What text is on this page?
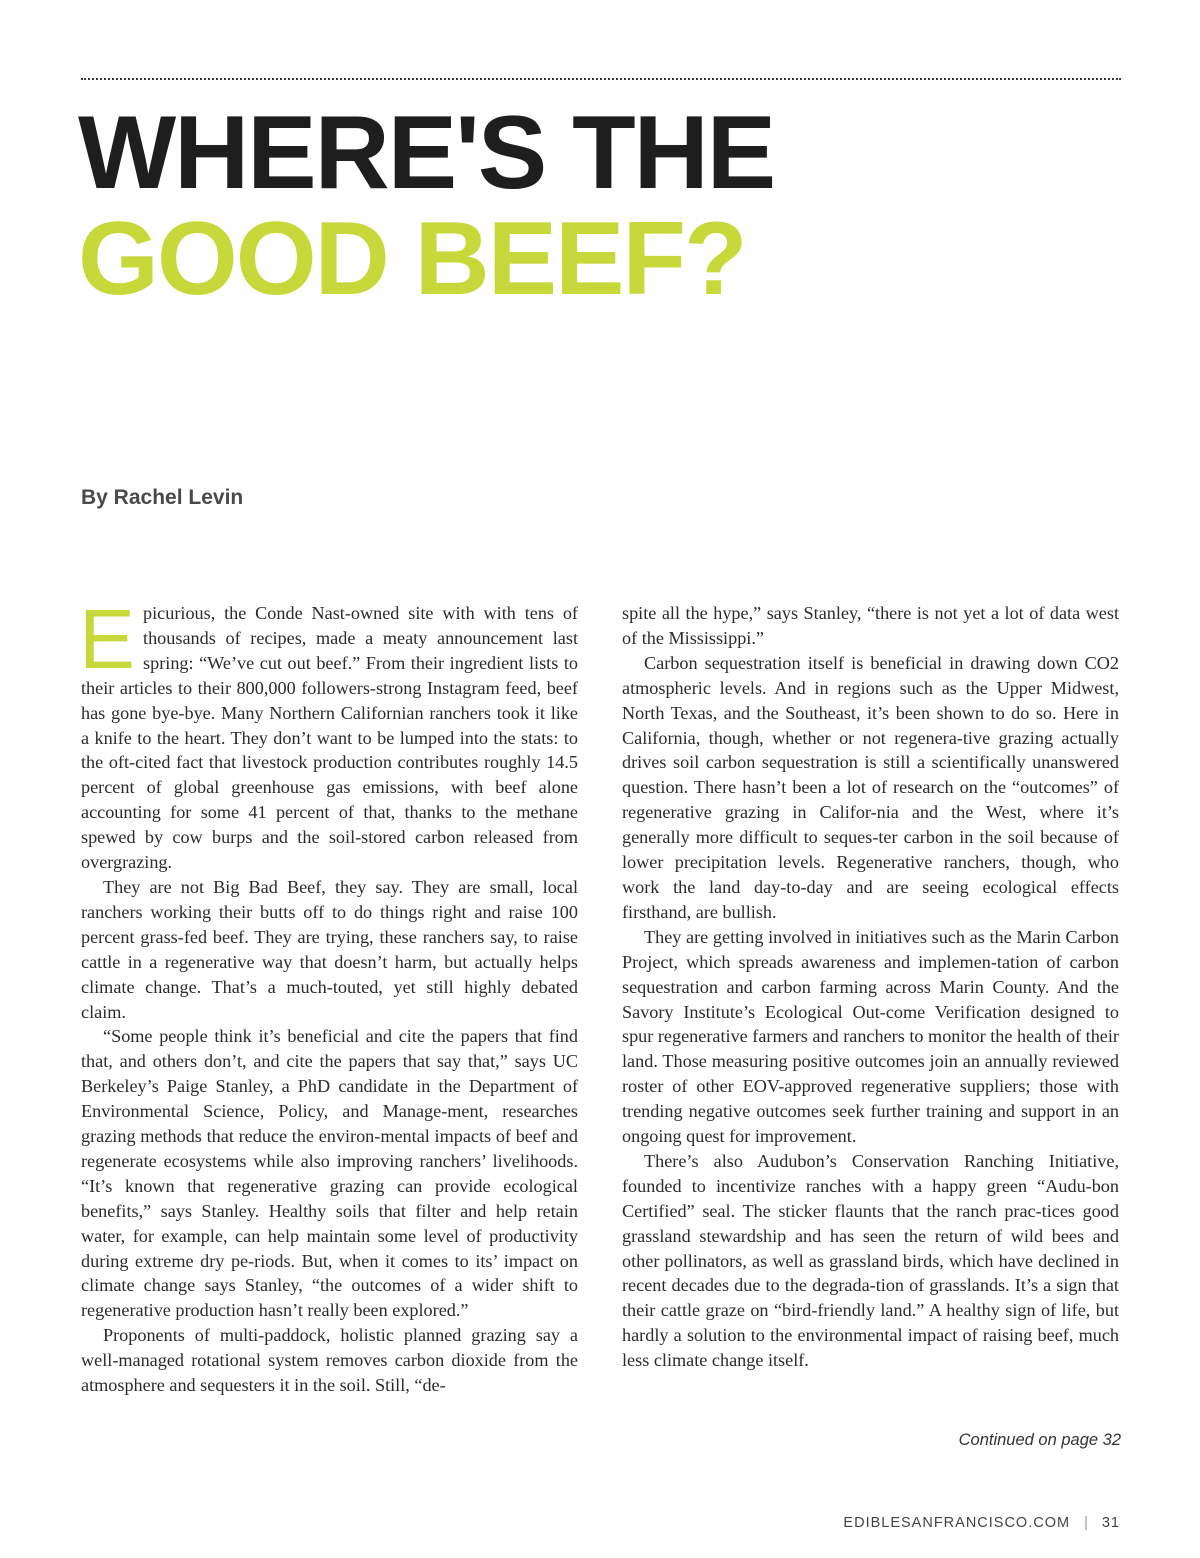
WHERE'S THE
GOOD BEEF?

By Rachel Levin

Epicurious, the Conde Nast-owned site with with tens of thousands of recipes, made a meaty announcement last spring: “We’ve cut out beef.” From their ingredient lists to their articles to their 800,000 followers-strong Instagram feed, beef has gone bye-bye. Many Northern Californian ranchers took it like a knife to the heart. They don’t want to be lumped into the stats: to the oft-cited fact that livestock production contributes roughly 14.5 percent of global greenhouse gas emissions, with beef alone accounting for some 41 percent of that, thanks to the methane spewed by cow burps and the soil-stored carbon released from overgrazing.

They are not Big Bad Beef, they say. They are small, local ranchers working their butts off to do things right and raise 100 percent grass-fed beef. They are trying, these ranchers say, to raise cattle in a regenerative way that doesn’t harm, but actually helps climate change. That’s a much-touted, yet still highly debated claim.

“Some people think it’s beneficial and cite the papers that find that, and others don’t, and cite the papers that say that,” says UC Berkeley’s Paige Stanley, a PhD candidate in the Department of Environmental Science, Policy, and Manage-ment, researches grazing methods that reduce the environ-mental impacts of beef and regenerate ecosystems while also improving ranchers’ livelihoods. “It’s known that regenerative grazing can provide ecological benefits,” says Stanley. Healthy soils that filter and help retain water, for example, can help maintain some level of productivity during extreme dry pe-riods. But, when it comes to its’ impact on climate change says Stanley, “the outcomes of a wider shift to regenerative production hasn’t really been explored.”

Proponents of multi-paddock, holistic planned grazing say a well-managed rotational system removes carbon dioxide from the atmosphere and sequesters it in the soil. Still, “de-

spite all the hype,” says Stanley, “there is not yet a lot of data west of the Mississippi.”

Carbon sequestration itself is beneficial in drawing down CO2 atmospheric levels. And in regions such as the Upper Midwest, North Texas, and the Southeast, it’s been shown to do so. Here in California, though, whether or not regenera-tive grazing actually drives soil carbon sequestration is still a scientifically unanswered question. There hasn’t been a lot of research on the “outcomes” of regenerative grazing in Califor-nia and the West, where it’s generally more difficult to seques-ter carbon in the soil because of lower precipitation levels. Regenerative ranchers, though, who work the land day-to-day and are seeing ecological effects firsthand, are bullish.

They are getting involved in initiatives such as the Marin Carbon Project, which spreads awareness and implemen-tation of carbon sequestration and carbon farming across Marin County. And the Savory Institute’s Ecological Out-come Verification designed to spur regenerative farmers and ranchers to monitor the health of their land. Those measuring positive outcomes join an annually reviewed roster of other EOV-approved regenerative suppliers; those with trending negative outcomes seek further training and support in an ongoing quest for improvement.

There’s also Audubon’s Conservation Ranching Initiative, founded to incentivize ranches with a happy green “Audu-bon Certified” seal. The sticker flaunts that the ranch prac-tices good grassland stewardship and has seen the return of wild bees and other pollinators, as well as grassland birds, which have declined in recent decades due to the degrada-tion of grasslands. It’s a sign that their cattle graze on “bird-friendly land.” A healthy sign of life, but hardly a solution to the environmental impact of raising beef, much less climate change itself.

Continued on page 32

EDIBLESANFRANCISCO.COM | 31
